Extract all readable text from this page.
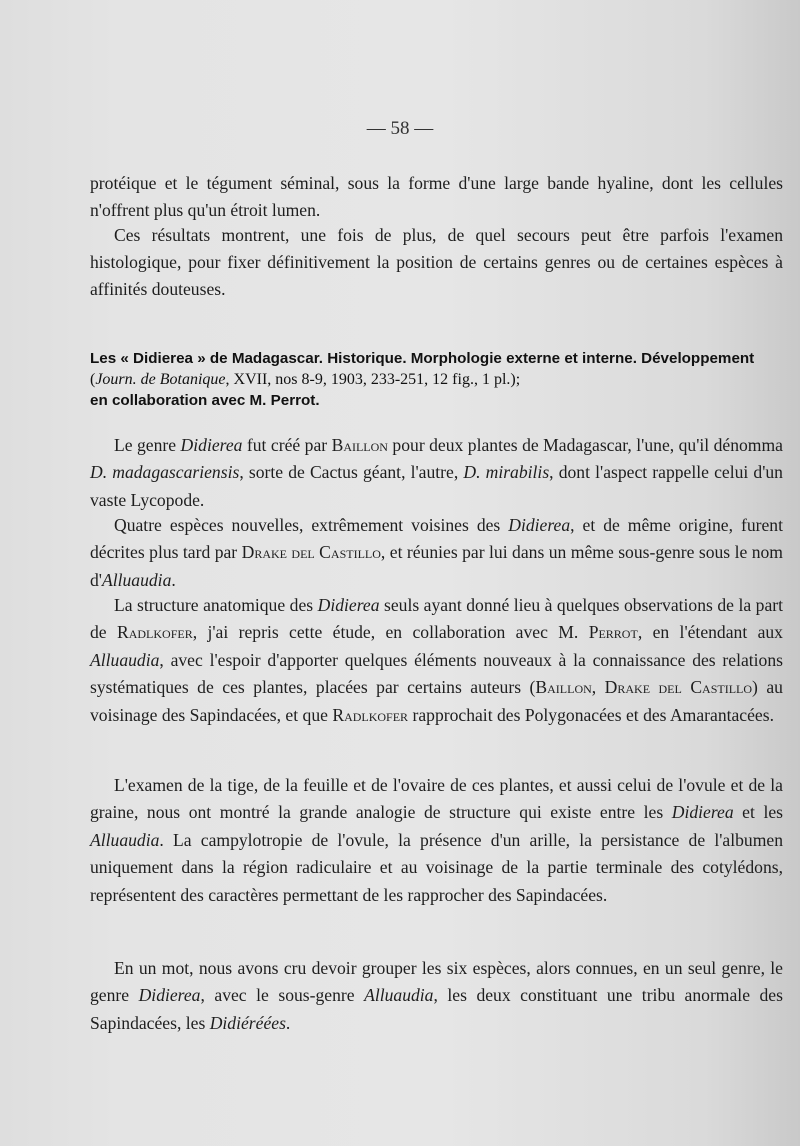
— 58 —

protéique et le tégument séminal, sous la forme d'une large bande hyaline, dont les cellules n'offrent plus qu'un étroit lumen.

Ces résultats montrent, une fois de plus, de quel secours peut être parfois l'examen histologique, pour fixer définitivement la position de certains genres ou de certaines espèces à affinités douteuses.

Les « Didierea » de Madagascar. Historique. Morphologie externe et interne. Développement (Journ. de Botanique, XVII, nos 8-9, 1903, 233-251, 12 fig., 1 pl.);
en collaboration avec M. Perrot.
Le genre Didierea fut créé par Baillon pour deux plantes de Madagascar, l'une, qu'il dénomma D. madagascariensis, sorte de Cactus géant, l'autre, D. mirabilis, dont l'aspect rappelle celui d'un vaste Lycopode.
Quatre espèces nouvelles, extrêmement voisines des Didierea, et de même origine, furent décrites plus tard par Drake del Castillo, et réunies par lui dans un même sous-genre sous le nom d'Alluaudia.
La structure anatomique des Didierea seuls ayant donné lieu à quelques observations de la part de Radlkofer, j'ai repris cette étude, en collaboration avec M. Perrot, en l'étendant aux Alluaudia, avec l'espoir d'apporter quelques éléments nouveaux à la connaissance des relations systématiques de ces plantes, placées par certains auteurs (Baillon, Drake del Castillo) au voisinage des Sapindacées, et que Radlkofer rapprochait des Polygonacées et des Amarantacées.
L'examen de la tige, de la feuille et de l'ovaire de ces plantes, et aussi celui de l'ovule et de la graine, nous ont montré la grande analogie de structure qui existe entre les Didierea et les Alluaudia. La campylotropie de l'ovule, la présence d'un arille, la persistance de l'albumen uniquement dans la région radiculaire et au voisinage de la partie terminale des cotylédons, représentent des caractères permettant de les rapprocher des Sapindacées.
En un mot, nous avons cru devoir grouper les six espèces, alors connues, en un seul genre, le genre Didierea, avec le sous-genre Alluaudia, les deux constituant une tribu anormale des Sapindacées, les Didiéréées.
